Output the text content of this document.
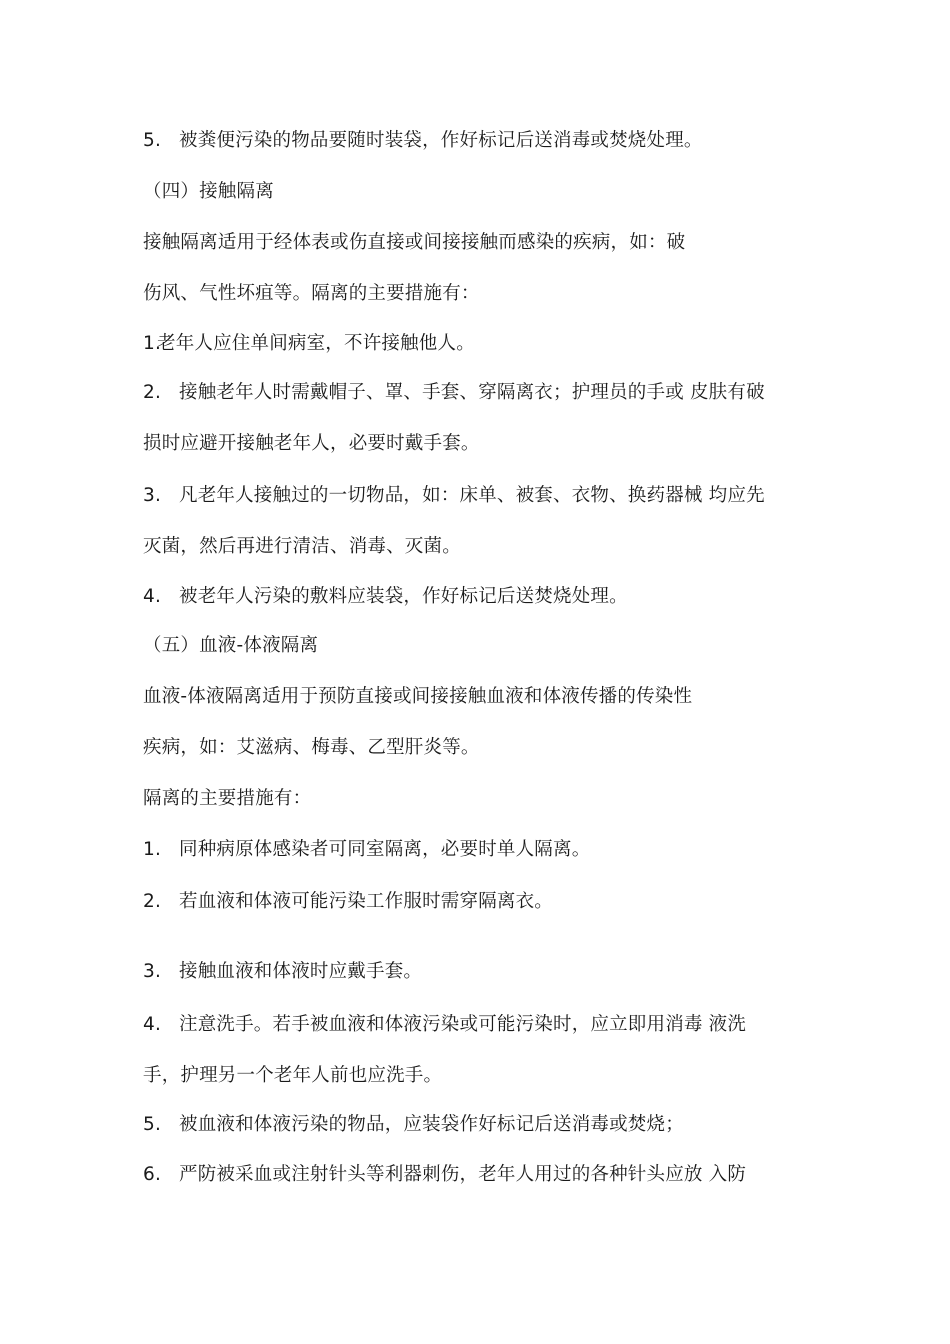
5. 被粪便污染的物品要随时装袋，作好标记后送消毒或焚烧处理。
（四）接触隔离
接触隔离适用于经体表或伤直接或间接接触而感染的疾病，如：破
伤风、气性坏疽等。隔离的主要措施有：
1.老年人应住单间病室，不许接触他人。
2. 接触老年人时需戴帽子、罩、手套、穿隔离衣；护理员的手或 皮肤有破
损时应避开接触老年人，必要时戴手套。
3. 凡老年人接触过的一切物品，如：床单、被套、衣物、换药器械 均应先
灭菌，然后再进行清洁、消毒、灭菌。
4. 被老年人污染的敷料应装袋，作好标记后送焚烧处理。
（五）血液-体液隔离
血液-体液隔离适用于预防直接或间接接触血液和体液传播的传染性
疾病，如：艾滋病、梅毒、乙型肝炎等。
隔离的主要措施有：
1. 同种病原体感染者可同室隔离，必要时单人隔离。
2. 若血液和体液可能污染工作服时需穿隔离衣。
3. 接触血液和体液时应戴手套。
4. 注意洗手。若手被血液和体液污染或可能污染时，应立即用消毒 液洗
手，护理另一个老年人前也应洗手。
5. 被血液和体液污染的物品，应装袋作好标记后送消毒或焚烧；
6. 严防被采血或注射针头等利器刺伤，老年人用过的各种针头应放 入防
